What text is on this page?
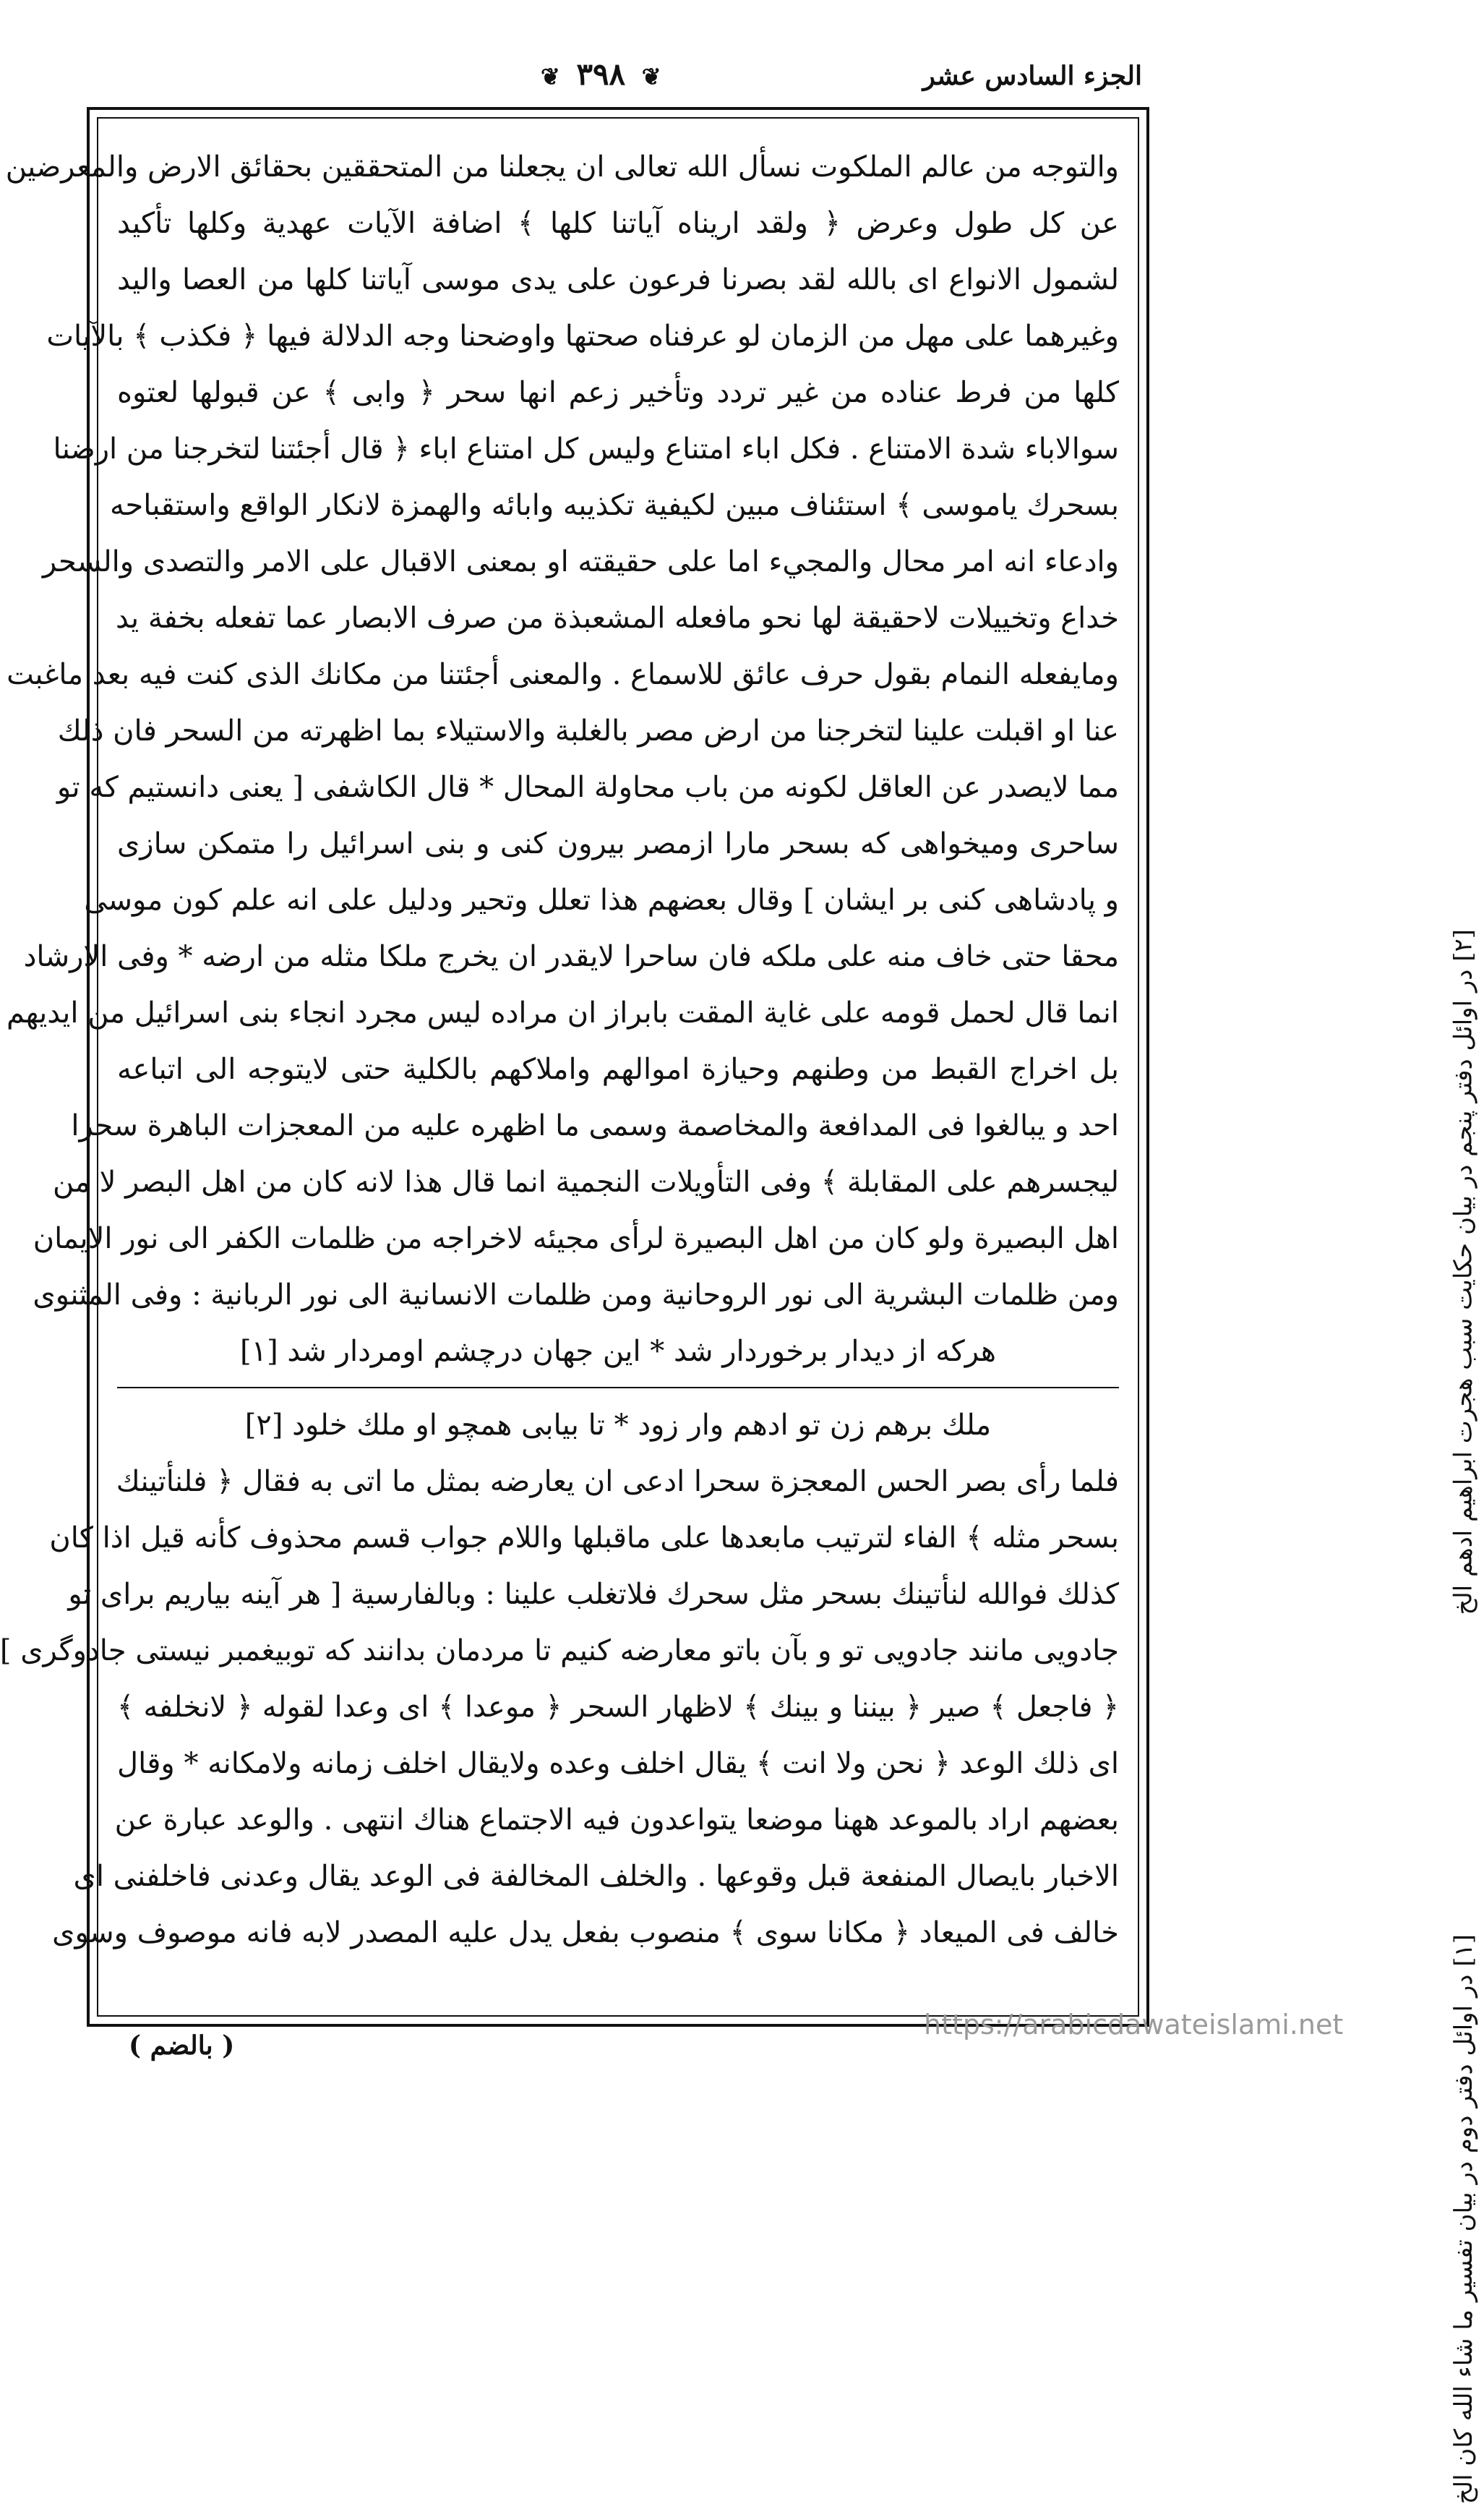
الجزء السادس عشر
❦ ٣٩٨ ❦
والتوجه من عالم الملكوت نسأل الله تعالى ان يجعلنا من المتحققين بحقائق الارض والمعرضين
عن كل طول وعرض ﴿ ولقد اريناه آياتنا كلها ﴾ اضافة الآيات عهدية وكلها تأكيد
لشمول الانواع اى بالله لقد بصرنا فرعون على يدى موسى آياتنا كلها من العصا واليد
وغيرهما على مهل من الزمان لو عرفناه صحتها واوضحنا وجه الدلالة فيها ﴿ فكذب ﴾ بالآيات
كلها من فرط عناده من غير تردد وتأخير زعم انها سحر ﴿ وابى ﴾ عن قبولها لعتوه
سوالاباء شدة الامتناع . فكل اباء امتناع وليس كل امتناع اباء ﴿ قال أجئتنا لتخرجنا من ارضنا
بسحرك ياموسى ﴾ استئناف مبين لكيفية تكذيبه وابائه والهمزة لانكار الواقع واستقباحه
وادعاء انه امر محال والمجيء اما على حقيقته او بمعنى الاقبال على الامر والتصدى والسحر
خداع وتخييلات لاحقيقة لها نحو مافعله المشعبذة من صرف الابصار عما تفعله بخفة يد
ومايفعله النمام بقول حرف عائق للاسماع . والمعنى أجئتنا من مكانك الذى كنت فيه بعد ماغبت
عنا او اقبلت علينا لتخرجنا من ارض مصر بالغلبة والاستيلاء بما اظهرته من السحر فان ذلك
مما لايصدر عن العاقل لكونه من باب محاولة المحال * قال الكاشفى [ يعنى دانستيم كه تو
ساحرى وميخواهى كه بسحر مارا ازمصر بيرون كنى و بنى اسرائيل را متمكن سازى
و پادشاهى كنى بر ايشان ] وقال بعضهم هذا تعلل وتحير ودليل على انه علم كون موسى
محقا حتى خاف منه على ملكه فان ساحرا لايقدر ان يخرج ملكا مثله من ارضه * وفى الارشاد
انما قال لحمل قومه على غاية المقت بابراز ان مراده ليس مجرد انجاء بنى اسرائيل من ايديهم
بل اخراج القبط من وطنهم وحيازة اموالهم واملاكهم بالكلية حتى لايتوجه الى اتباعه
احد و يبالغوا فى المدافعة والمخاصمة وسمى ما اظهره عليه من المعجزات الباهرة سحرا
ليجسرهم على المقابلة ﴾ وفى التأويلات النجمية انما قال هذا لانه كان من اهل البصر لا من
اهل البصيرة ولو كان من اهل البصيرة لرأى مجيئه لاخراجه من ظلمات الكفر الى نور الايمان
ومن ظلمات البشرية الى نور الروحانية ومن ظلمات الانسانية الى نور الربانية : وفى المثنوى
هركه از ديدار برخوردار شد * اين جهان درچشم اومردار شد [١]
ملك برهم زن تو ادهم وار زود * تا بيابى همچو او ملك خلود [٢]
فلما رأى بصر الحس المعجزة سحرا ادعى ان يعارضه بمثل ما اتى به فقال ﴿ فلنأتينك
بسحر مثله ﴾ الفاء لترتيب مابعدها على ماقبلها واللام جواب قسم محذوف كأنه قيل اذا كان
كذلك فوالله لنأتينك بسحر مثل سحرك فلاتغلب علينا : وبالفارسية [ هر آينه بياريم براى تو
جادويى مانند جادويى تو و بآن باتو معارضه كنيم تا مردمان بدانند كه توبيغمبر نيستى جادوگرى ]
﴿ فاجعل ﴾ صير ﴿ بيننا و بينك ﴾ لاظهار السحر ﴿ موعدا ﴾ اى وعدا لقوله ﴿ لانخلفه ﴾
اى ذلك الوعد ﴿ نحن ولا انت ﴾ يقال اخلف وعده ولايقال اخلف زمانه ولامكانه * وقال
بعضهم اراد بالموعد ههنا موضعا يتواعدون فيه الاجتماع هناك انتهى . والوعد عبارة عن
الاخبار بايصال المنفعة قبل وقوعها . والخلف المخالفة فى الوعد يقال وعدنى فاخلفنى اى
خالف فى الميعاد ﴿ مكانا سوى ﴾ منصوب بفعل يدل عليه المصدر لابه فانه موصوف وسوى
[٢] در اوائل دفتر پنجم در بيان حكايت سبب هجرت ابراهيم ادهم الخ
[١] در اوائل دفتر دوم در بيان تفسير ما شاء الله كان الخ
( بالضم )
https://arabicdawateislami.net
